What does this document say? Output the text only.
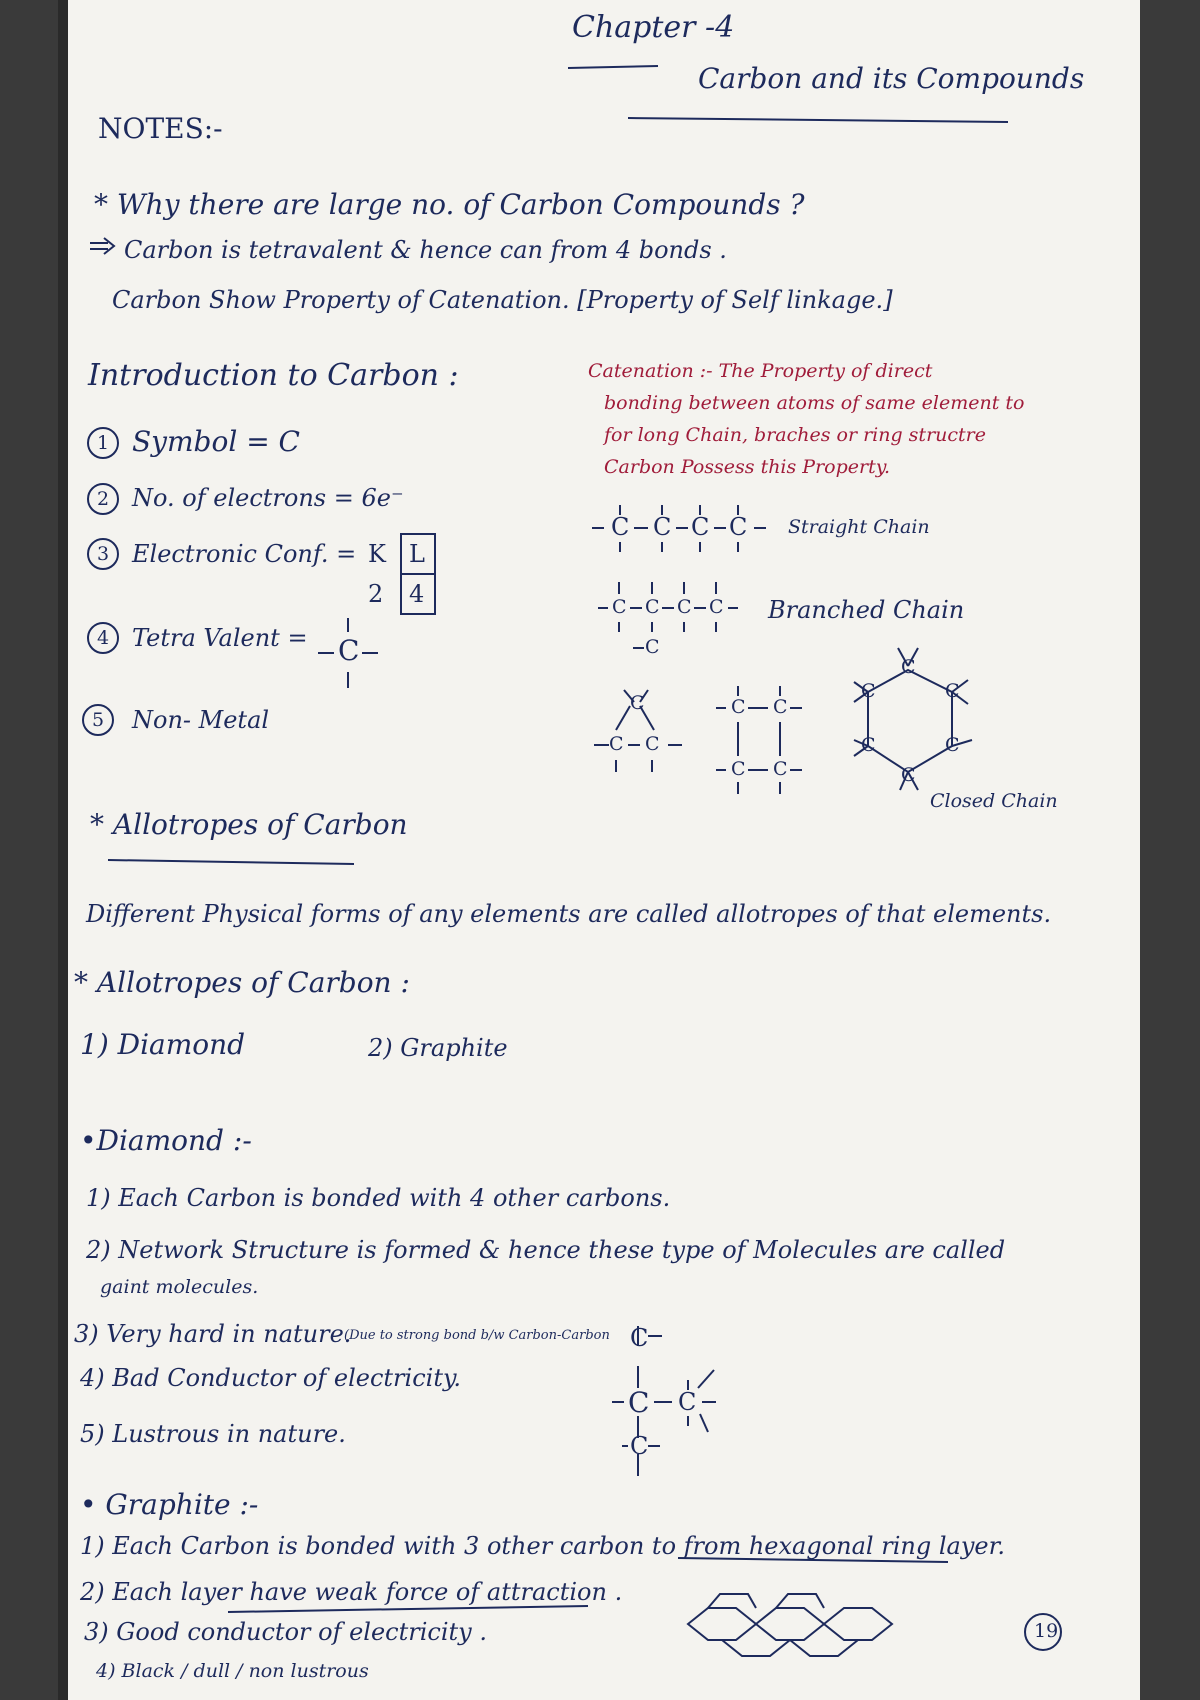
Chapter -4
Carbon and its Compounds
NOTES:-
* Why there are large no. of Carbon Compounds ?
Carbon is tetravalent & hence can from 4 bonds .
Carbon Show Property of Catenation. [Property of Self linkage.]
Introduction to Carbon :
1 Symbol = C
2 No. of electrons = 6e⁻
3 Electronic Conf. = K L
2 4
4 Tetra Valent = C
5 Non- Metal
Catenation :- The Property of direct
bonding between atoms of same element to
for long Chain, braches or ring structre
Carbon Possess this Property.
C C C C Straight Chain
C C C C
C
Branched Chain
C
C C
C C
C C
C
C	C
C	C
C
Closed Chain
* Allotropes of Carbon
Different Physical forms of any elements are called allotropes of that elements.
* Allotropes of Carbon :
1) Diamond	2) Graphite
•Diamond :-
1) Each Carbon is bonded with 4 other carbons.
2) Network Structure is formed & hence these type of Molecules are called
gaint molecules.
3) Very hard in nature.
(Due to strong bond b/w Carbon-Carbon
4) Bad Conductor of electricity.
5) Lustrous in nature.
C C
C
C
• Graphite :-
1) Each Carbon is bonded with 3 other carbon to from hexagonal ring layer.
2) Each layer have weak force of attraction .
3) Good conductor of electricity .
4) Black / dull / non lustrous
19
